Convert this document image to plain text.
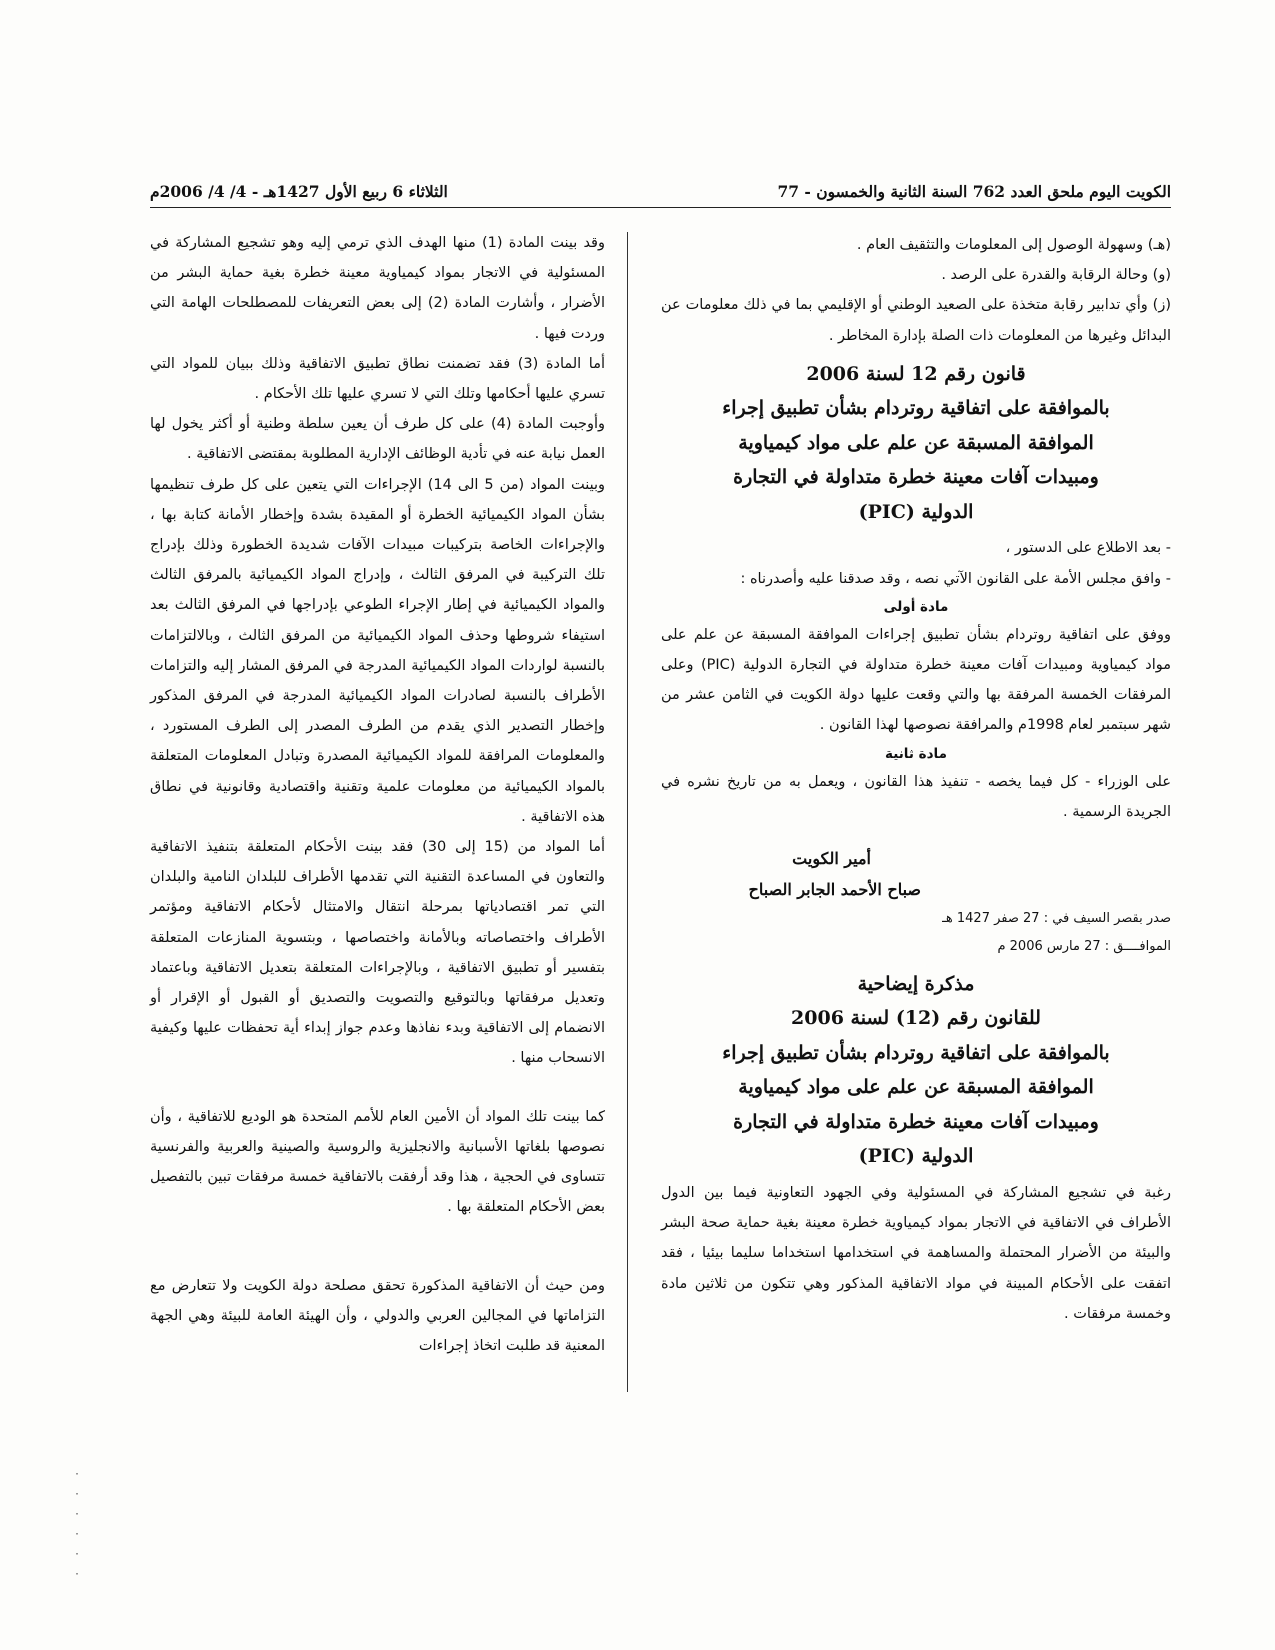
الكويت اليوم ملحق العدد 762 السنة الثانية والخمسون - 77
الثلاثاء 6 ربيع الأول 1427هـ - 4/ 4/ 2006م

(هـ) وسهولة الوصول إلى المعلومات والتثقيف العام .

(و) وحالة الرقابة والقدرة على الرصد .

(ز) وأي تدابير رقابة متخذة على الصعيد الوطني أو الإقليمي بما في ذلك معلومات عن البدائل وغيرها من المعلومات ذات الصلة بإدارة المخاطر .

قانون رقم 12 لسنة 2006

بالموافقة على اتفاقية روتردام بشأن تطبيق إجراء

الموافقة المسبقة عن علم على مواد كيمياوية

ومبيدات آفات معينة خطرة متداولة في التجارة

الدولية (PIC)

- بعد الاطلاع على الدستور ،

- وافق مجلس الأمة على القانون الآتي نصه ، وقد صدقنا عليه وأصدرناه :

مادة أولى

ووفق على اتفاقية روتردام بشأن تطبيق إجراءات الموافقة المسبقة عن علم على مواد كيمياوية ومبيدات آفات معينة خطرة متداولة في التجارة الدولية (PIC) وعلى المرفقات الخمسة المرفقة بها والتي وقعت عليها دولة الكويت في الثامن عشر من شهر سبتمبر لعام 1998م والمرافقة نصوصها لهذا القانون .

مادة ثانية

على الوزراء - كل فيما يخصه - تنفيذ هذا القانون ، ويعمل به من تاريخ نشره في الجريدة الرسمية .

أمير الكويت

صباح الأحمد الجابر الصباح

صدر بقصر السيف في : 27 صفر 1427 هـ

الموافــــق : 27 مارس 2006 م

مذكرة إيضاحية

للقانون رقم (12) لسنة 2006

بالموافقة على اتفاقية روتردام بشأن تطبيق إجراء

الموافقة المسبقة عن علم على مواد كيمياوية

ومبيدات آفات معينة خطرة متداولة في التجارة

الدولية (PIC)

رغبة في تشجيع المشاركة في المسئولية وفي الجهود التعاونية فيما بين الدول الأطراف في الاتفاقية في الاتجار بمواد كيمياوية خطرة معينة بغية حماية صحة البشر والبيئة من الأضرار المحتملة والمساهمة في استخدامها استخداما سليما بيئيا ، فقد اتفقت على الأحكام المبينة في مواد الاتفاقية المذكور وهي تتكون من ثلاثين مادة وخمسة مرفقات .

وقد بينت المادة (1) منها الهدف الذي ترمي إليه وهو تشجيع المشاركة في المسئولية في الاتجار بمواد كيمياوية معينة خطرة بغية حماية البشر من الأضرار ، وأشارت المادة (2) إلى بعض التعريفات للمصطلحات الهامة التي وردت فيها .

أما المادة (3) فقد تضمنت نطاق تطبيق الاتفاقية وذلك ببيان للمواد التي تسري عليها أحكامها وتلك التي لا تسري عليها تلك الأحكام .

وأوجبت المادة (4) على كل طرف أن يعين سلطة وطنية أو أكثر يخول لها العمل نيابة عنه في تأدية الوظائف الإدارية المطلوبة بمقتضى الاتفاقية .

وبينت المواد (من 5 الى 14) الإجراءات التي يتعين على كل طرف تنظيمها بشأن المواد الكيميائية الخطرة أو المقيدة بشدة وإخطار الأمانة كتابة بها ، والإجراءات الخاصة بتركيبات مبيدات الآفات شديدة الخطورة وذلك بإدراج تلك التركيبة في المرفق الثالث ، وإدراج المواد الكيميائية بالمرفق الثالث والمواد الكيميائية في إطار الإجراء الطوعي بإدراجها في المرفق الثالث بعد استيفاء شروطها وحذف المواد الكيميائية من المرفق الثالث ، وبالالتزامات بالنسبة لواردات المواد الكيميائية المدرجة في المرفق المشار إليه والتزامات الأطراف بالنسبة لصادرات المواد الكيميائية المدرجة في المرفق المذكور وإخطار التصدير الذي يقدم من الطرف المصدر إلى الطرف المستورد ، والمعلومات المرافقة للمواد الكيميائية المصدرة وتبادل المعلومات المتعلقة بالمواد الكيميائية من معلومات علمية وتقنية واقتصادية وقانونية في نطاق هذه الاتفاقية .

أما المواد من (15 إلى 30) فقد بينت الأحكام المتعلقة بتنفيذ الاتفاقية والتعاون في المساعدة التقنية التي تقدمها الأطراف للبلدان النامية والبلدان التي تمر اقتصادياتها بمرحلة انتقال والامتثال لأحكام الاتفاقية ومؤتمر الأطراف واختصاصاته وبالأمانة واختصاصها ، وبتسوية المنازعات المتعلقة بتفسير أو تطبيق الاتفاقية ، وبالإجراءات المتعلقة بتعديل الاتفاقية وباعتماد وتعديل مرفقاتها وبالتوقيع والتصويت والتصديق أو القبول أو الإقرار أو الانضمام إلى الاتفاقية وبدء نفاذها وعدم جواز إبداء أية تحفظات عليها وكيفية الانسحاب منها .

كما بينت تلك المواد أن الأمين العام للأمم المتحدة هو الوديع للاتفاقية ، وأن نصوصها بلغاتها الأسبانية والانجليزية والروسية والصينية والعربية والفرنسية تتساوى في الحجية ، هذا وقد أرفقت بالاتفاقية خمسة مرفقات تبين بالتفصيل بعض الأحكام المتعلقة بها .

ومن حيث أن الاتفاقية المذكورة تحقق مصلحة دولة الكويت ولا تتعارض مع التزاماتها في المجالين العربي والدولي ، وأن الهيئة العامة للبيئة وهي الجهة المعنية قد طلبت اتخاذ إجراءات

·
·
·
·
·
·
